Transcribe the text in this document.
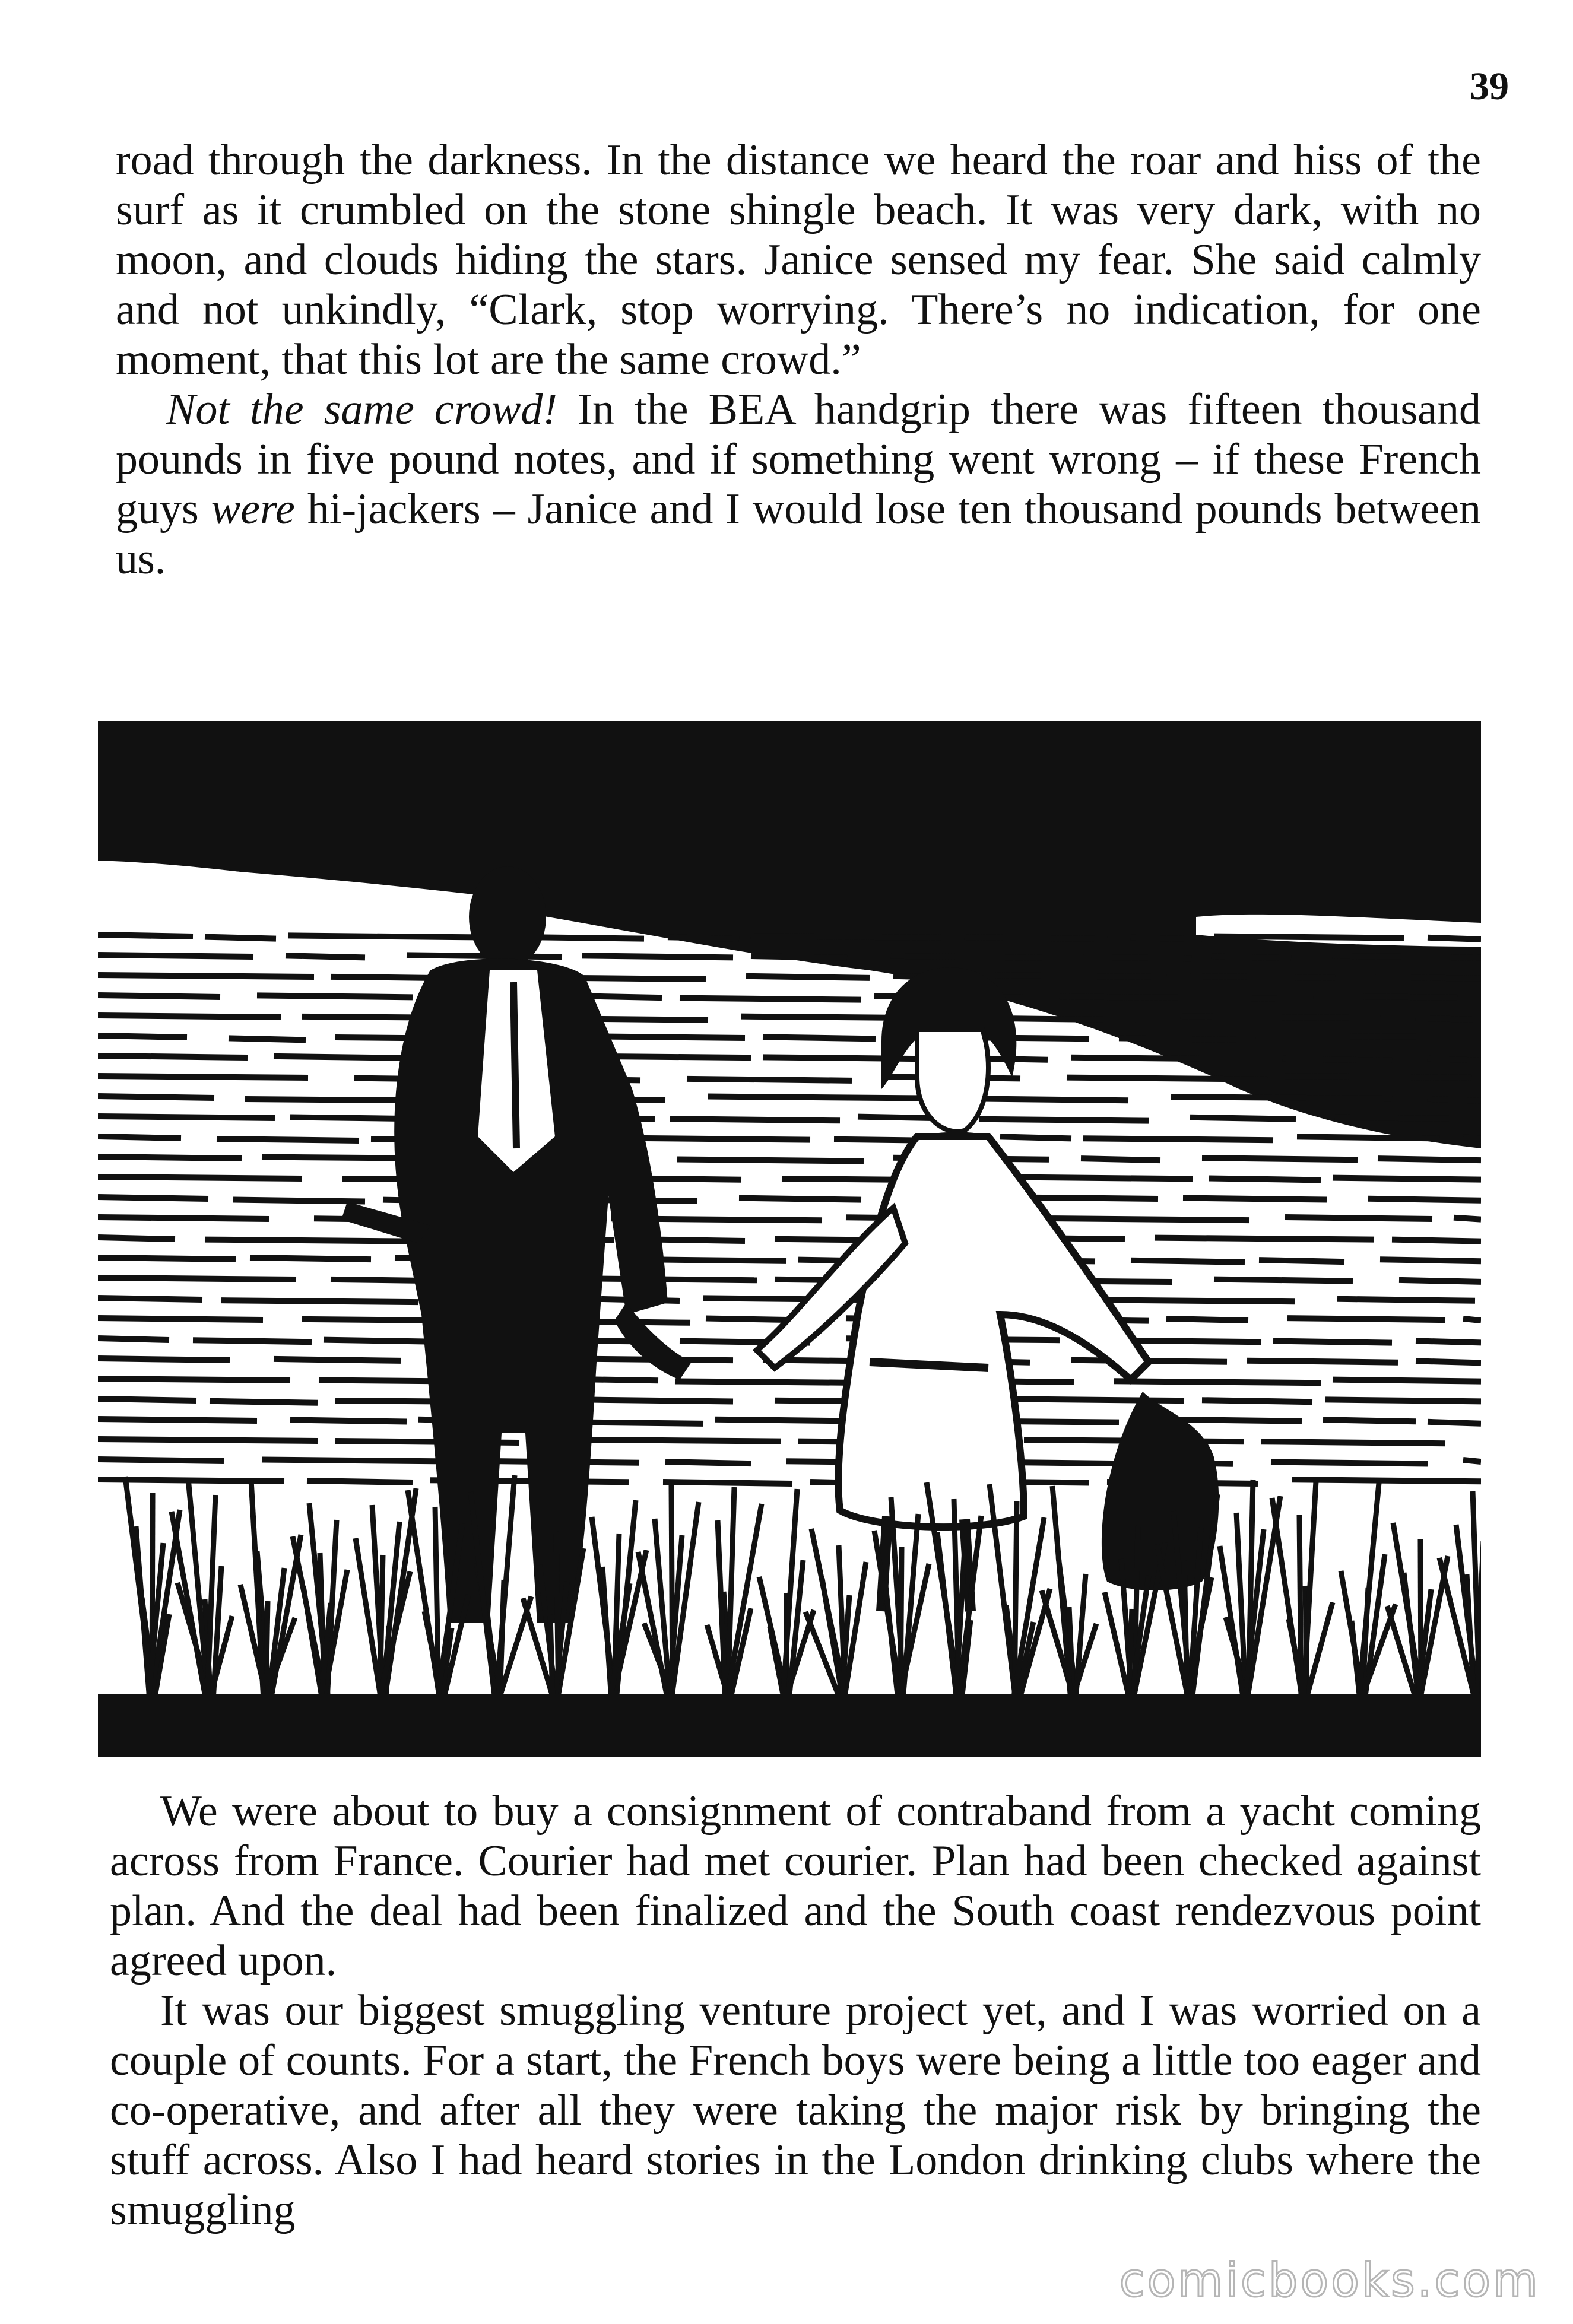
39

road through the darkness. In the distance we heard the roar and hiss of the surf as it crumbled on the stone shingle beach. It was very dark, with no moon, and clouds hiding the stars. Janice sensed my fear. She said calmly and not unkindly, “Clark, stop worrying. There’s no indication, for one moment, that this lot are the same crowd.”

Not the same crowd! In the BEA handgrip there was fifteen thousand pounds in five pound notes, and if something went wrong – if these French guys were hi-jackers – Janice and I would lose ten thousand pounds between us.

We were about to buy a consignment of contraband from a yacht coming across from France. Courier had met courier. Plan had been checked against plan. And the deal had been finalized and the South coast rendezvous point agreed upon.

It was our biggest smuggling venture project yet, and I was worried on a couple of counts. For a start, the French boys were being a little too eager and co-operative, and after all they were taking the major risk by bringing the stuff across. Also I had heard stories in the London drinking clubs where the smuggling

comicbooks.com
